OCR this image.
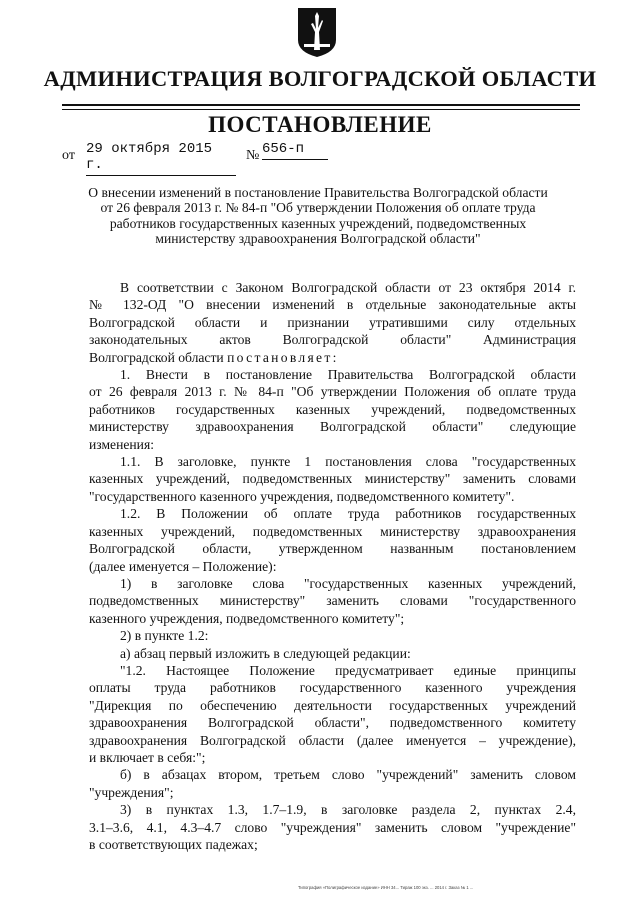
АДМИНИСТРАЦИЯ ВОЛГОГРАДСКОЙ ОБЛАСТИ
ПОСТАНОВЛЕНИЕ
от 29 октября 2015 г.
№ 656-п
О внесении изменений в постановление Правительства Волгоградской области
от 26 февраля 2013 г. № 84-п "Об утверждении Положения об оплате труда
работников государственных казенных учреждений, подведомственных
министерству здравоохранения Волгоградской области"

В соответствии с Законом Волгоградской области от 23 октября 2014 г.

№ 132-ОД "О внесении изменений в отдельные законодательные акты

Волгоградской области и признании утратившими силу отдельных

законодательных актов Волгоградской области" Администрация

Волгоградской области постановляет:

1. Внести в постановление Правительства Волгоградской области

от 26 февраля 2013 г. № 84-п "Об утверждении Положения об оплате труда

работников государственных казенных учреждений, подведомственных

министерству здравоохранения Волгоградской области" следующие

изменения:

1.1. В заголовке, пункте 1 постановления слова "государственных

казенных учреждений, подведомственных министерству" заменить словами

"государственного казенного учреждения, подведомственного комитету".

1.2. В Положении об оплате труда работников государственных

казенных учреждений, подведомственных министерству здравоохранения

Волгоградской области, утвержденном названным постановлением

(далее именуется – Положение):

1) в заголовке слова "государственных казенных учреждений,

подведомственных министерству" заменить словами "государственного

казенного учреждения, подведомственного комитету";

2) в пункте 1.2:

а) абзац первый изложить в следующей редакции:

"1.2. Настоящее Положение предусматривает единые принципы

оплаты труда работников государственного казенного учреждения

"Дирекция по обеспечению деятельности государственных учреждений

здравоохранения Волгоградской области", подведомственного комитету

здравоохранения Волгоградской области (далее именуется – учреждение),

и включает в себя:";

б) в абзацах втором, третьем слово "учреждений" заменить словом

"учреждения";

3) в пунктах 1.3, 1.7–1.9, в заголовке раздела 2, пунктах 2.4,

3.1–3.6, 4.1, 4.3–4.7 слово "учреждения" заменить словом "учреждение"

в соответствующих падежах;

Типография «Полиграфическое издание» ИНН 34... Тираж 100 экз. ... 2014 г. Заказ № 1 ...
